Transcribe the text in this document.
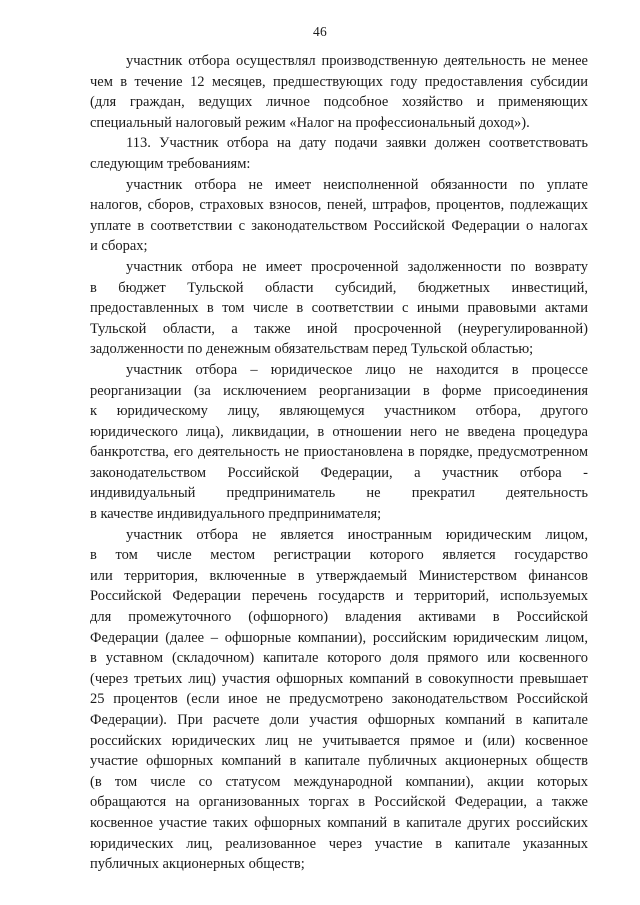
46
участник отбора осуществлял производственную деятельность не менее
чем в течение 12 месяцев, предшествующих году предоставления субсидии
(для граждан, ведущих личное подсобное хозяйство и применяющих
специальный налоговый режим «Налог на профессиональный доход»).
113. Участник отбора на дату подачи заявки должен соответствовать
следующим требованиям:
участник отбора не имеет неисполненной обязанности по уплате
налогов, сборов, страховых взносов, пеней, штрафов, процентов, подлежащих
уплате в соответствии с законодательством Российской Федерации о налогах
и сборах;
участник отбора не имеет просроченной задолженности по возврату
в бюджет Тульской области субсидий, бюджетных инвестиций,
предоставленных в том числе в соответствии с иными правовыми актами
Тульской области, а также иной просроченной (неурегулированной)
задолженности по денежным обязательствам перед Тульской областью;
участник отбора – юридическое лицо не находится в процессе
реорганизации (за исключением реорганизации в форме присоединения
к юридическому лицу, являющемуся участником отбора, другого
юридического лица), ликвидации, в отношении него не введена процедура
банкротства, его деятельность не приостановлена в порядке, предусмотренном
законодательством Российской Федерации, а участник отбора -
индивидуальный предприниматель не прекратил деятельность
в качестве индивидуального предпринимателя;
участник отбора не является иностранным юридическим лицом,
в том числе местом регистрации которого является государство
или территория, включенные в утверждаемый Министерством финансов
Российской Федерации перечень государств и территорий, используемых
для промежуточного (офшорного) владения активами в Российской
Федерации (далее – офшорные компании), российским юридическим лицом,
в уставном (складочном) капитале которого доля прямого или косвенного
(через третьих лиц) участия офшорных компаний в совокупности превышает
25 процентов (если иное не предусмотрено законодательством Российской
Федерации). При расчете доли участия офшорных компаний в капитале
российских юридических лиц не учитывается прямое и (или) косвенное
участие офшорных компаний в капитале публичных акционерных обществ
(в том числе со статусом международной компании), акции которых
обращаются на организованных торгах в Российской Федерации, а также
косвенное участие таких офшорных компаний в капитале других российских
юридических лиц, реализованное через участие в капитале указанных
публичных акционерных обществ;
